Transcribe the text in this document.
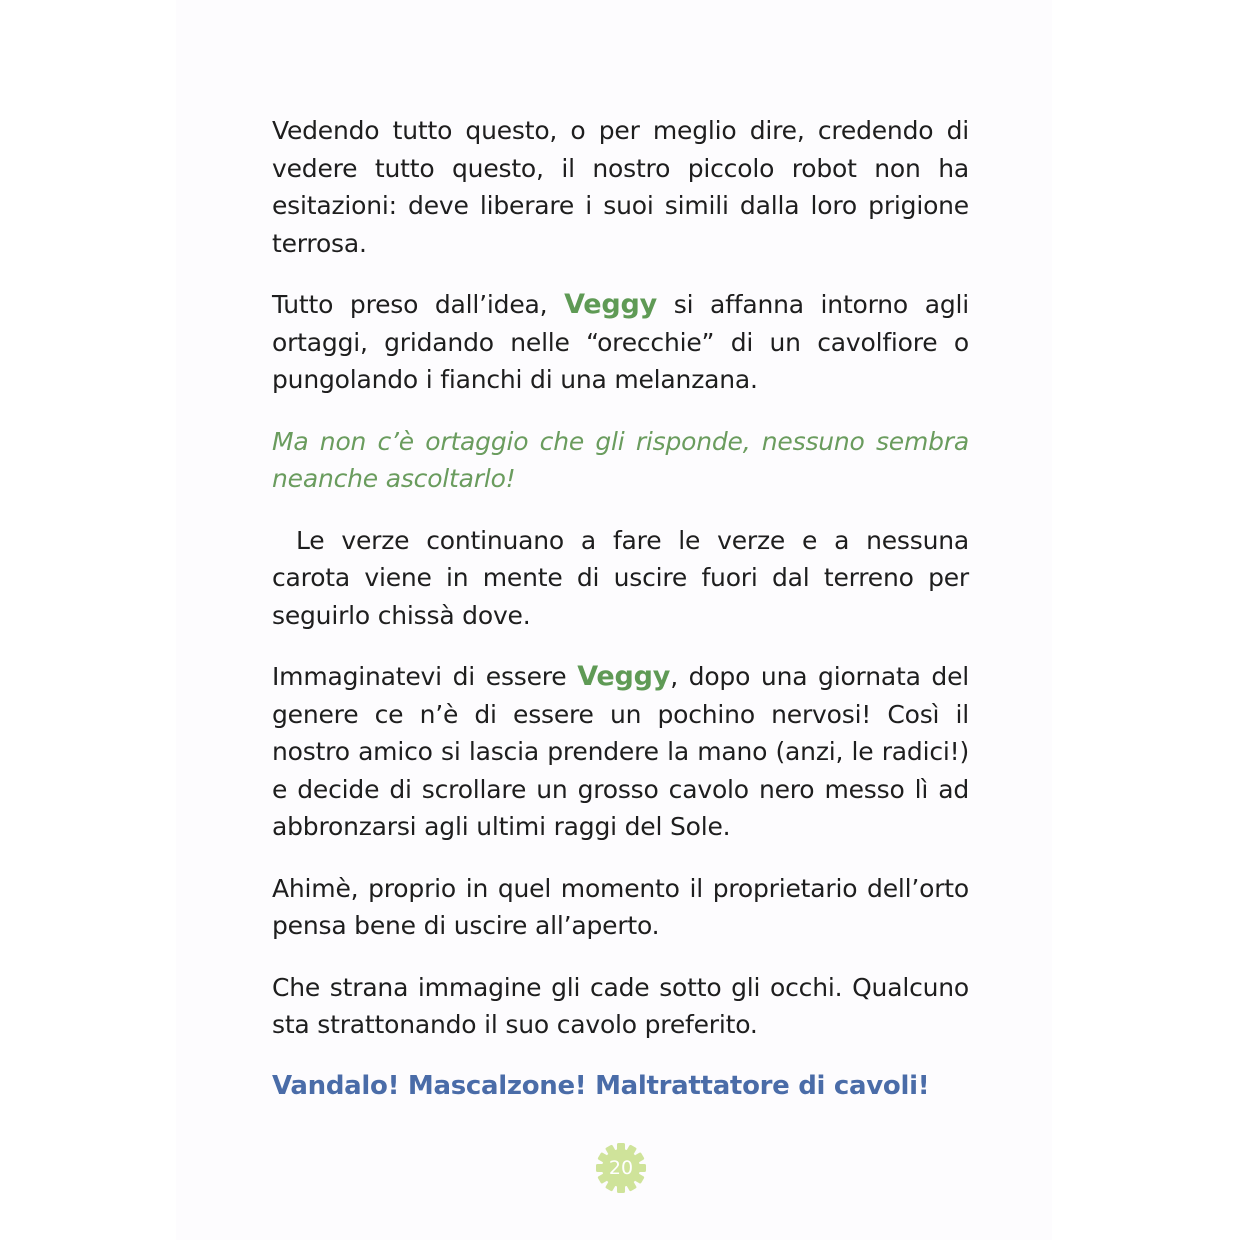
Vedendo tutto questo, o per meglio dire, credendo di vedere tutto questo, il nostro piccolo robot non ha esitazioni: deve liberare i suoi simili dalla loro prigione terrosa.

Tutto preso dall’idea, Veggy si affanna intorno agli ortaggi, gridando nelle “orecchie” di un cavolfiore o pungolando i fianchi di una melanzana.

Ma non c’è ortaggio che gli risponde, nessuno sembra neanche ascoltarlo!

Le verze continuano a fare le verze e a nessuna carota viene in mente di uscire fuori dal terreno per seguirlo chissà dove.

Immaginatevi di essere Veggy, dopo una giornata del genere ce n’è di essere un pochino nervosi! Così il nostro amico si lascia prendere la mano (anzi, le radici!) e decide di scrollare un grosso cavolo nero messo lì ad abbronzarsi agli ultimi raggi del Sole.

Ahimè, proprio in quel momento il proprietario dell’orto pensa bene di uscire all’aperto.

Che strana immagine gli cade sotto gli occhi. Qualcuno sta strattonando il suo cavolo preferito.

Vandalo! Mascalzone! Maltrattatore di cavoli!

20
